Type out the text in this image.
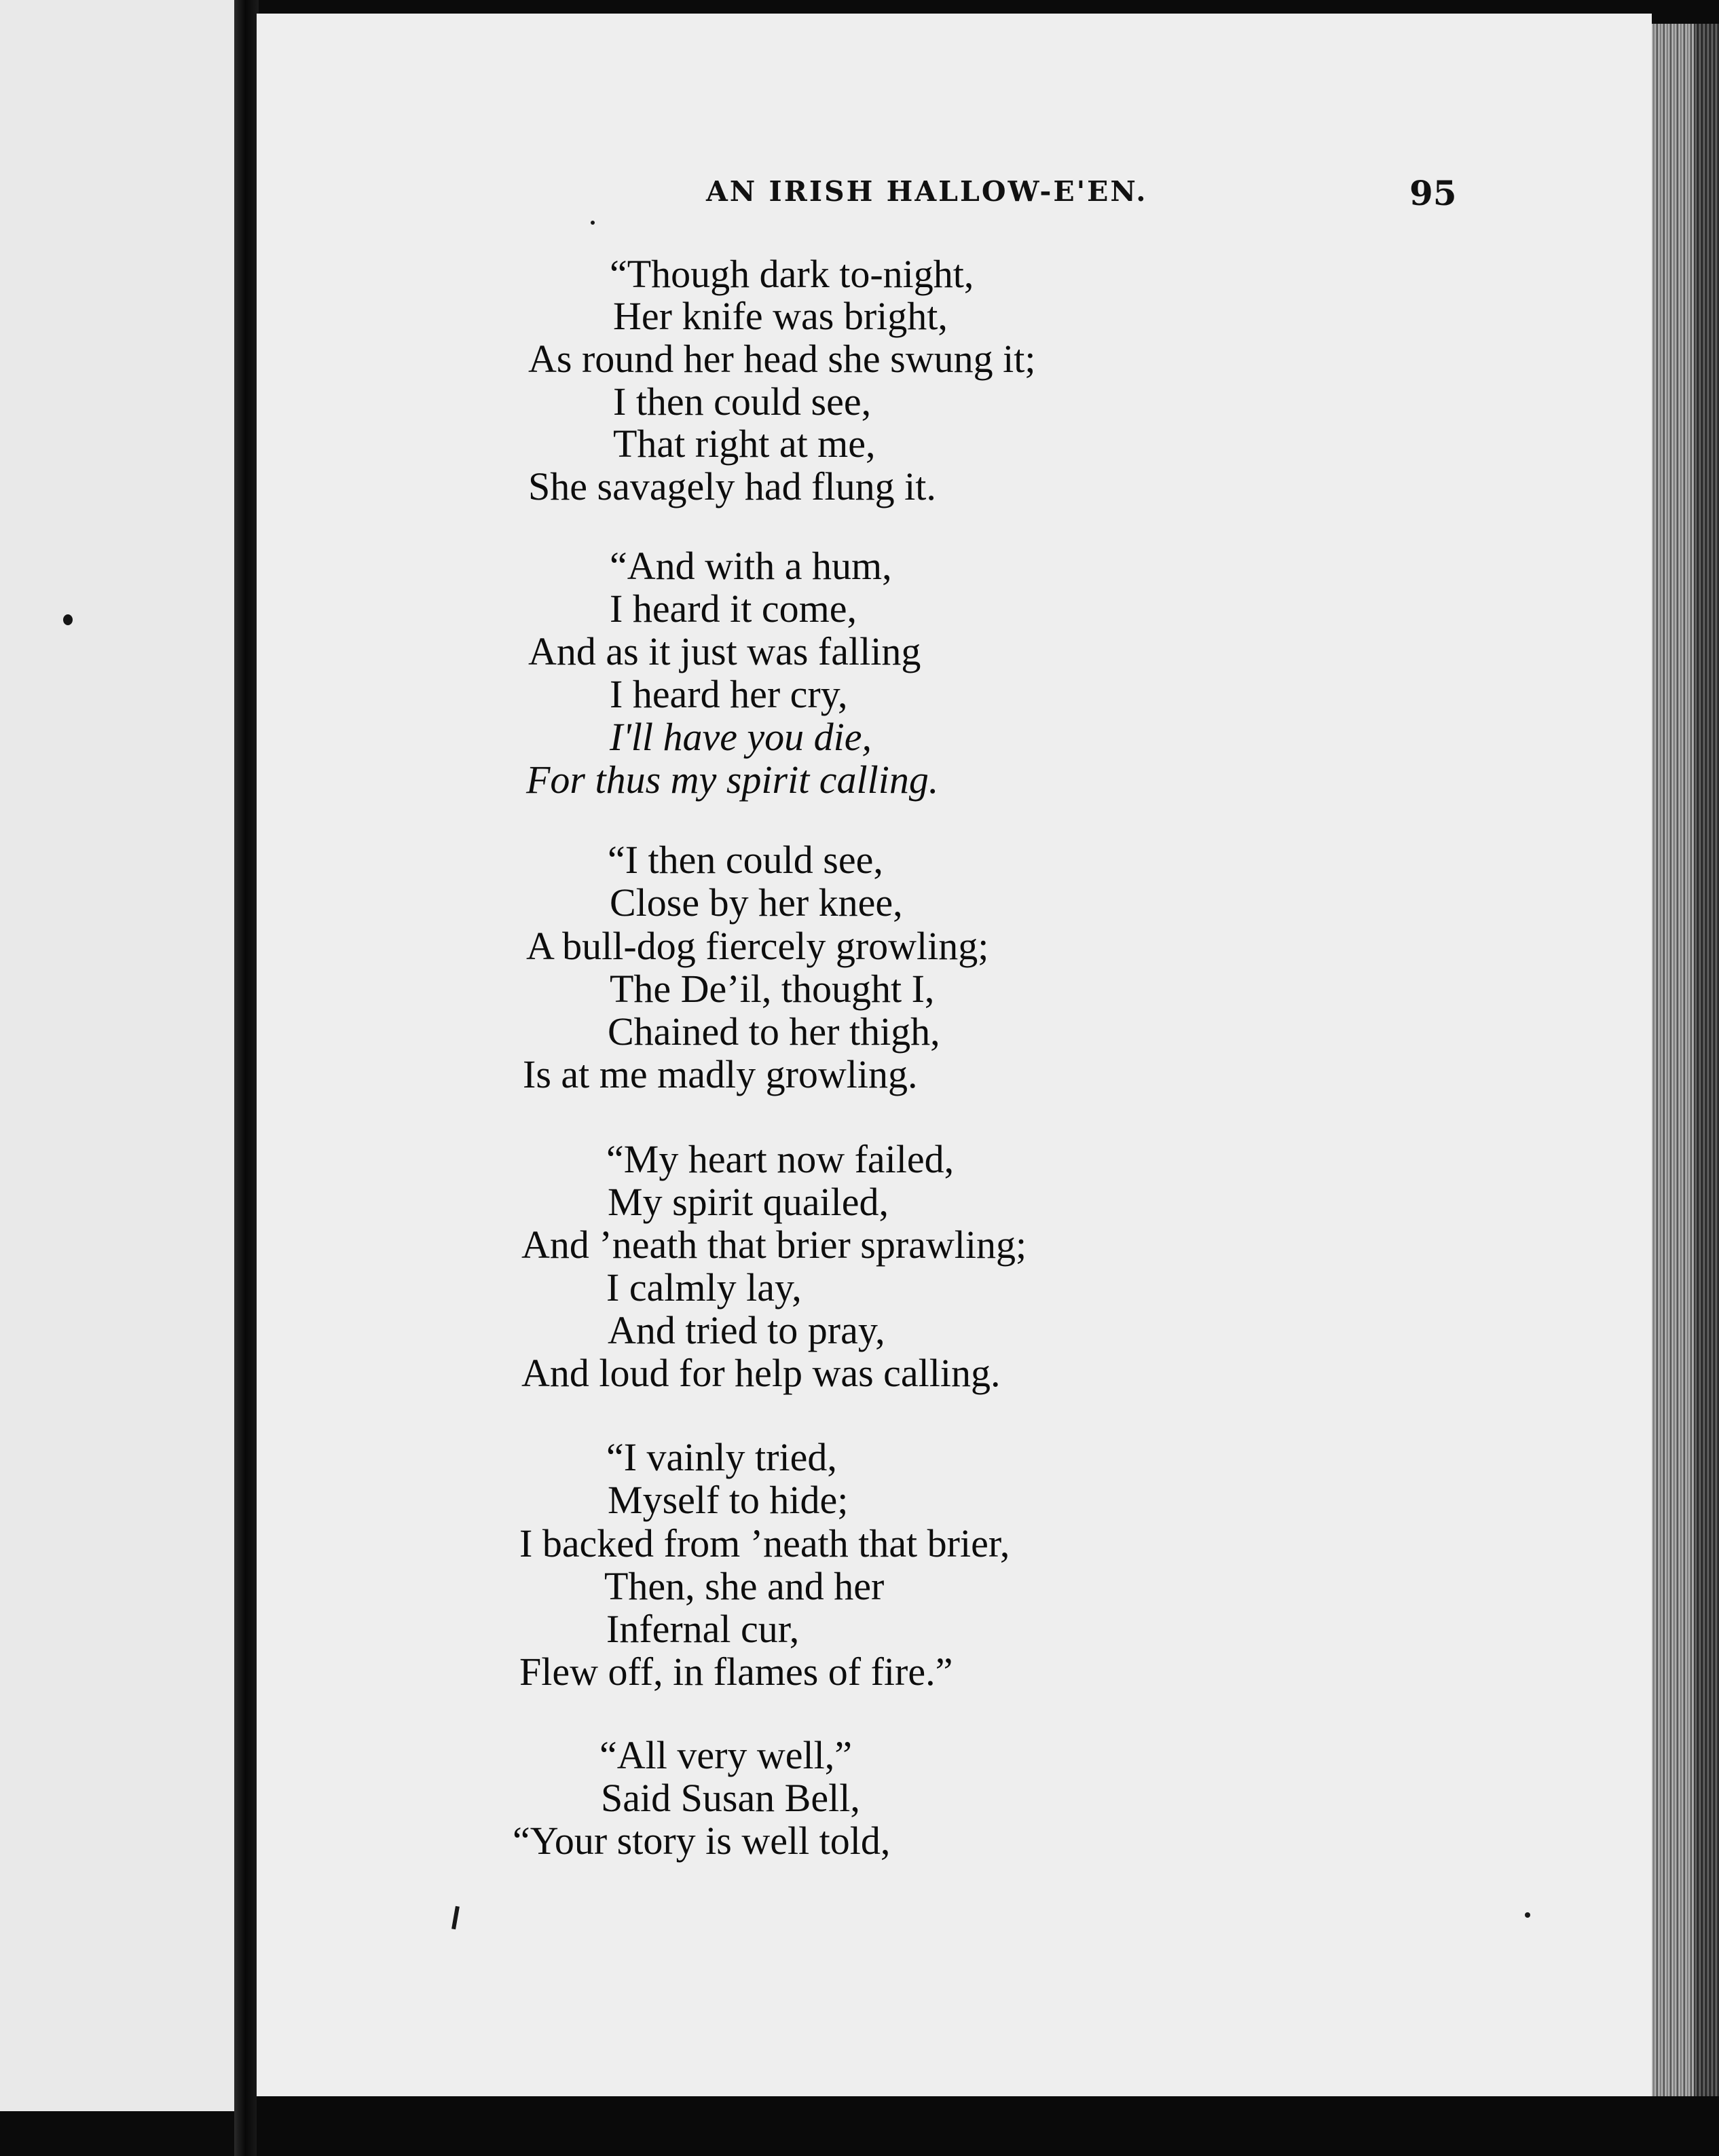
AN IRISH HALLOW-E'EN.	95
“Though dark to-night,
Her knife was bright,
As round her head she swung it;
I then could see,
That right at me,
She savagely had flung it.
“And with a hum,
I heard it come,
And as it just was falling
I heard her cry,
I'll have you die,
For thus my spirit calling.
“I then could see,
Close by her knee,
A bull-dog fiercely growling;
The De’il, thought I,
Chained to her thigh,
Is at me madly growling.
“My heart now failed,
My spirit quailed,
And ’neath that brier sprawling;
I calmly lay,
And tried to pray,
And loud for help was calling.
“I vainly tried,
Myself to hide;
I backed from ’neath that brier,
Then, she and her
Infernal cur,
Flew off, in flames of fire.”
“All very well,”
Said Susan Bell,
“Your story is well told,
